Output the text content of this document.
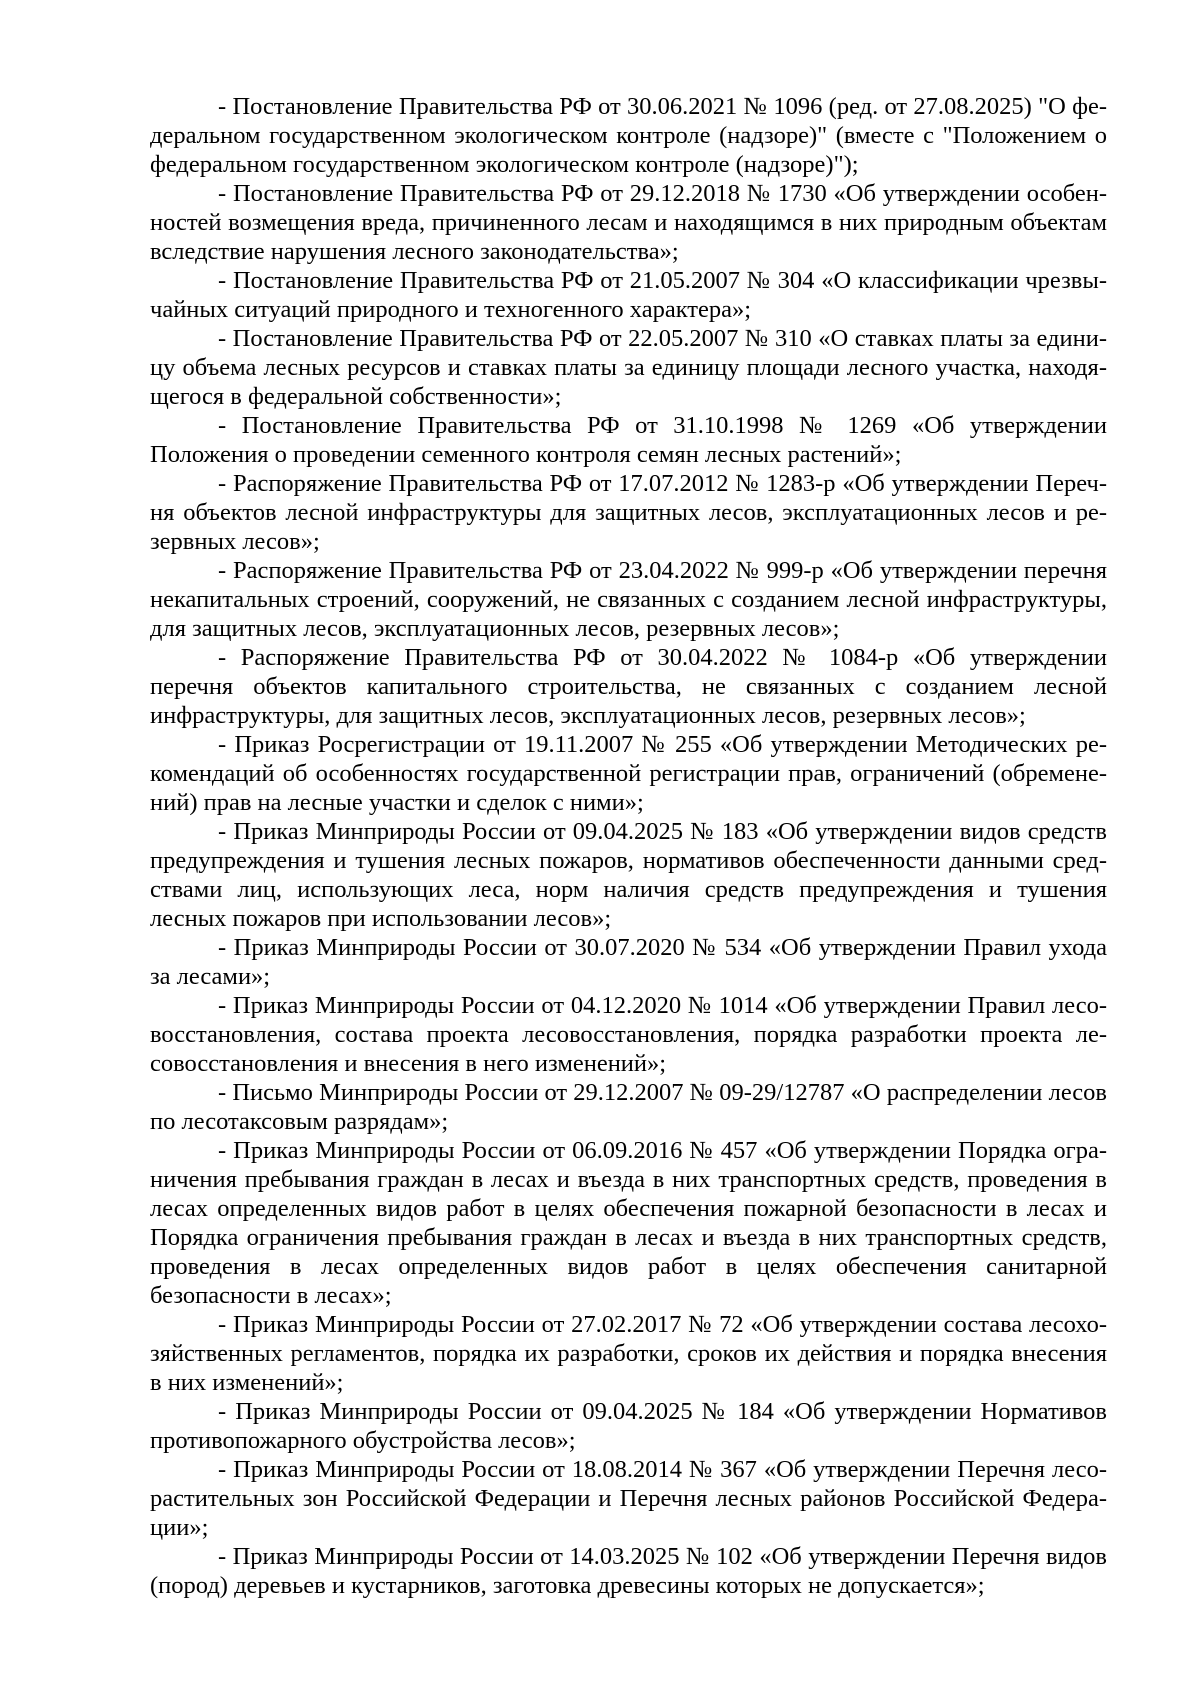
- Постановление Правительства РФ от 30.06.2021 № 1096 (ред. от 27.08.2025) "О федеральном государственном экологическом контроле (надзоре)" (вместе с "Положением о федеральном государственном экологическом контроле (надзоре)");

- Постановление Правительства РФ от 29.12.2018 № 1730 «Об утверждении особенностей возмещения вреда, причиненного лесам и находящимся в них природным объектам вследствие нарушения лесного законодательства»;

- Постановление Правительства РФ от 21.05.2007 № 304 «О классификации чрезвычайных ситуаций природного и техногенного характера»;

- Постановление Правительства РФ от 22.05.2007 № 310 «О ставках платы за единицу объема лесных ресурсов и ставках платы за единицу площади лесного участка, находящегося в федеральной собственности»;

- Постановление Правительства РФ от 31.10.1998 № 1269 «Об утверждении Положения о проведении семенного контроля семян лесных растений»;

- Распоряжение Правительства РФ от 17.07.2012 № 1283-р «Об утверждении Перечня объектов лесной инфраструктуры для защитных лесов, эксплуатационных лесов и резервных лесов»;

- Распоряжение Правительства РФ от 23.04.2022 № 999-р «Об утверждении перечня некапитальных строений, сооружений, не связанных с созданием лесной инфраструктуры, для защитных лесов, эксплуатационных лесов, резервных лесов»;

- Распоряжение Правительства РФ от 30.04.2022 № 1084-р «Об утверждении перечня объектов капитального строительства, не связанных с созданием лесной инфраструктуры, для защитных лесов, эксплуатационных лесов, резервных лесов»;

- Приказ Росрегистрации от 19.11.2007 № 255 «Об утверждении Методических рекомендаций об особенностях государственной регистрации прав, ограничений (обременений) прав на лесные участки и сделок с ними»;

- Приказ Минприроды России от 09.04.2025 № 183 «Об утверждении видов средств предупреждения и тушения лесных пожаров, нормативов обеспеченности данными средствами лиц, использующих леса, норм наличия средств предупреждения и тушения лесных пожаров при использовании лесов»;

- Приказ Минприроды России от 30.07.2020 № 534 «Об утверждении Правил ухода за лесами»;

- Приказ Минприроды России от 04.12.2020 № 1014 «Об утверждении Правил лесовосстановления, состава проекта лесовосстановления, порядка разработки проекта лесовосстановления и внесения в него изменений»;

- Письмо Минприроды России от 29.12.2007 № 09-29/12787 «О распределении лесов по лесотаксовым разрядам»;

- Приказ Минприроды России от 06.09.2016 № 457 «Об утверждении Порядка ограничения пребывания граждан в лесах и въезда в них транспортных средств, проведения в лесах определенных видов работ в целях обеспечения пожарной безопасности в лесах и Порядка ограничения пребывания граждан в лесах и въезда в них транспортных средств, проведения в лесах определенных видов работ в целях обеспечения санитарной безопасности в лесах»;

- Приказ Минприроды России от 27.02.2017 № 72 «Об утверждении состава лесохозяйственных регламентов, порядка их разработки, сроков их действия и порядка внесения в них изменений»;

- Приказ Минприроды России от 09.04.2025 № 184 «Об утверждении Нормативов противопожарного обустройства лесов»;

- Приказ Минприроды России от 18.08.2014 № 367 «Об утверждении Перечня лесорастительных зон Российской Федерации и Перечня лесных районов Российской Федерации»;

- Приказ Минприроды России от 14.03.2025 № 102 «Об утверждении Перечня видов (пород) деревьев и кустарников, заготовка древесины которых не допускается»;
